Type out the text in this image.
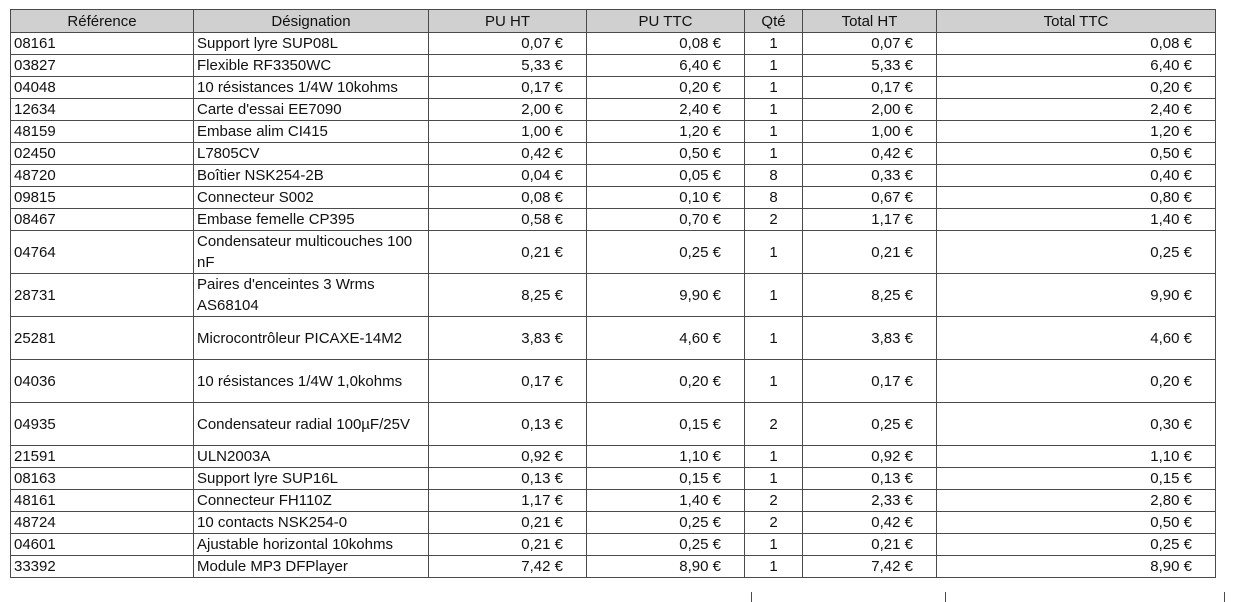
Référence	Désignation	PU HT	PU TTC	Qté	Total HT	Total TTC
08161	Support lyre SUP08L	0,07 €	0,08 €	1	0,07 €	0,08 €
03827	Flexible RF3350WC	5,33 €	6,40 €	1	5,33 €	6,40 €
04048	10 résistances 1/4W 10kohms	0,17 €	0,20 €	1	0,17 €	0,20 €
12634	Carte d'essai EE7090	2,00 €	2,40 €	1	2,00 €	2,40 €
48159	Embase alim CI415	1,00 €	1,20 €	1	1,00 €	1,20 €
02450	L7805CV	0,42 €	0,50 €	1	0,42 €	0,50 €
48720	Boîtier NSK254-2B	0,04 €	0,05 €	8	0,33 €	0,40 €
09815	Connecteur S002	0,08 €	0,10 €	8	0,67 €	0,80 €
08467	Embase femelle CP395	0,58 €	0,70 €	2	1,17 €	1,40 €
04764	Condensateur multicouches 100 nF	0,21 €	0,25 €	1	0,21 €	0,25 €
28731	Paires d'enceintes 3 Wrms AS68104	8,25 €	9,90 €	1	8,25 €	9,90 €
25281	Microcontrôleur PICAXE-14M2	3,83 €	4,60 €	1	3,83 €	4,60 €
04036	10 résistances 1/4W 1,0kohms	0,17 €	0,20 €	1	0,17 €	0,20 €
04935	Condensateur radial 100µF/25V	0,13 €	0,15 €	2	0,25 €	0,30 €
21591	ULN2003A	0,92 €	1,10 €	1	0,92 €	1,10 €
08163	Support lyre SUP16L	0,13 €	0,15 €	1	0,13 €	0,15 €
48161	Connecteur FH110Z	1,17 €	1,40 €	2	2,33 €	2,80 €
48724	10 contacts NSK254-0	0,21 €	0,25 €	2	0,42 €	0,50 €
04601	Ajustable horizontal 10kohms	0,21 €	0,25 €	1	0,21 €	0,25 €
33392	Module MP3 DFPlayer	7,42 €	8,90 €	1	7,42 €	8,90 €
